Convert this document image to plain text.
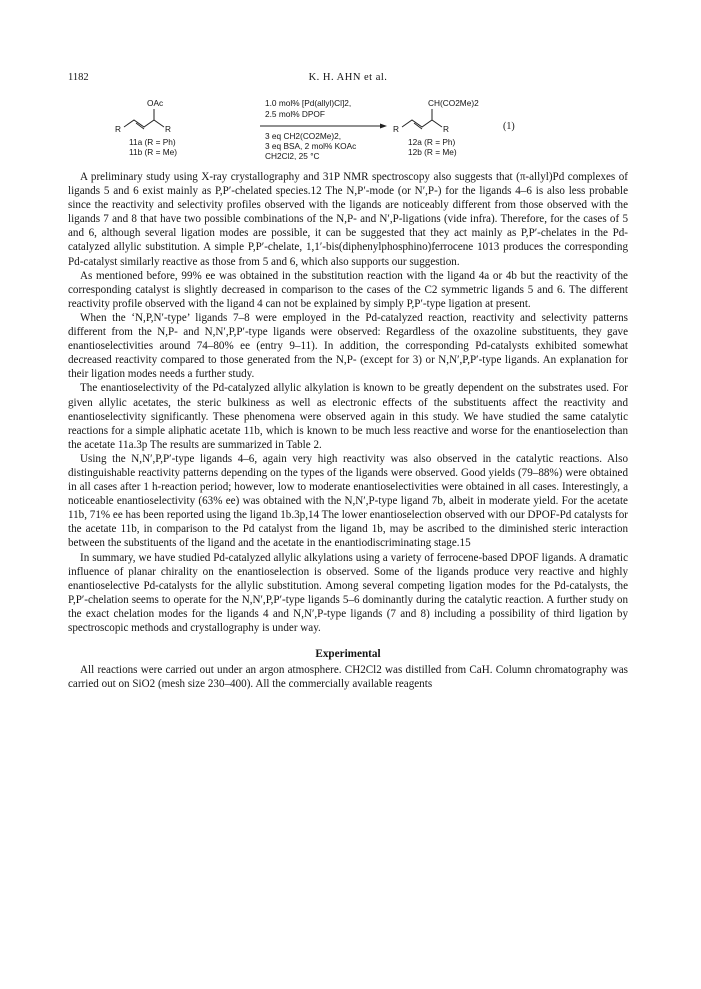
1182	K. H. AHN et al.
OAc
R	R
11a (R = Ph)
11b (R = Me)
1.0 mol% [Pd(allyl)Cl]2,
2.5 mol% DPOF
3 eq CH2(CO2Me)2,
3 eq BSA, 2 mol% KOAc
CH2Cl2, 25 °C
CH(CO2Me)2
R	R
12a (R = Ph)
12b (R = Me)
(1)

A preliminary study using X-ray crystallography and 31P NMR spectroscopy also suggests that (π-allyl)Pd complexes of ligands 5 and 6 exist mainly as P,P′-chelated species.12 The N,P′-mode (or N′,P-) for the ligands 4–6 is also less probable since the reactivity and selectivity profiles observed with the ligands are noticeably different from those observed with the ligands 7 and 8 that have two possible combinations of the N,P- and N′,P-ligations (vide infra). Therefore, for the cases of 5 and 6, although several ligation modes are possible, it can be suggested that they act mainly as P,P′-chelates in the Pd-catalyzed allylic substitution. A simple P,P′-chelate, 1,1′-bis(diphenylphosphino)ferrocene 1013 produces the corresponding Pd-catalyst similarly reactive as those from 5 and 6, which also supports our suggestion.

As mentioned before, 99% ee was obtained in the substitution reaction with the ligand 4a or 4b but the reactivity of the corresponding catalyst is slightly decreased in comparison to the cases of the C2 symmetric ligands 5 and 6. The different reactivity profile observed with the ligand 4 can not be explained by simply P,P′-type ligation at present.

When the ‘N,P,N′-type’ ligands 7–8 were employed in the Pd-catalyzed reaction, reactivity and selectivity patterns different from the N,P- and N,N′,P,P′-type ligands were observed: Regardless of the oxazoline substituents, they gave enantioselectivities around 74–80% ee (entry 9–11). In addition, the corresponding Pd-catalysts exhibited somewhat decreased reactivity compared to those generated from the N,P- (except for 3) or N,N′,P,P′-type ligands. An explanation for their ligation modes needs a further study.

The enantioselectivity of the Pd-catalyzed allylic alkylation is known to be greatly dependent on the substrates used. For given allylic acetates, the steric bulkiness as well as electronic effects of the substituents affect the reactivity and enantioselectivity significantly. These phenomena were observed again in this study. We have studied the same catalytic reactions for a simple aliphatic acetate 11b, which is known to be much less reactive and worse for the enantioselection than the acetate 11a.3p The results are summarized in Table 2.

Using the N,N′,P,P′-type ligands 4–6, again very high reactivity was also observed in the catalytic reactions. Also distinguishable reactivity patterns depending on the types of the ligands were observed. Good yields (79–88%) were obtained in all cases after 1 h-reaction period; however, low to moderate enantioselectivities were obtained in all cases. Interestingly, a noticeable enantioselectivity (63% ee) was obtained with the N,N′,P-type ligand 7b, albeit in moderate yield. For the acetate 11b, 71% ee has been reported using the ligand 1b.3p,14 The lower enantioselection observed with our DPOF-Pd catalysts for the acetate 11b, in comparison to the Pd catalyst from the ligand 1b, may be ascribed to the diminished steric interaction between the substituents of the ligand and the acetate in the enantiodiscriminating stage.15

In summary, we have studied Pd-catalyzed allylic alkylations using a variety of ferrocene-based DPOF ligands. A dramatic influence of planar chirality on the enantioselection is observed. Some of the ligands produce very reactive and highly enantioselective Pd-catalysts for the allylic substitution. Among several competing ligation modes for the Pd-catalysts, the P,P′-chelation seems to operate for the N,N′,P,P′-type ligands 5–6 dominantly during the catalytic reaction. A further study on the exact chelation modes for the ligands 4 and N,N′,P-type ligands (7 and 8) including a possibility of third ligation by spectroscopic methods and crystallography is under way.

Experimental

All reactions were carried out under an argon atmosphere. CH2Cl2 was distilled from CaH. Column chromatography was carried out on SiO2 (mesh size 230–400). All the commercially available reagents
